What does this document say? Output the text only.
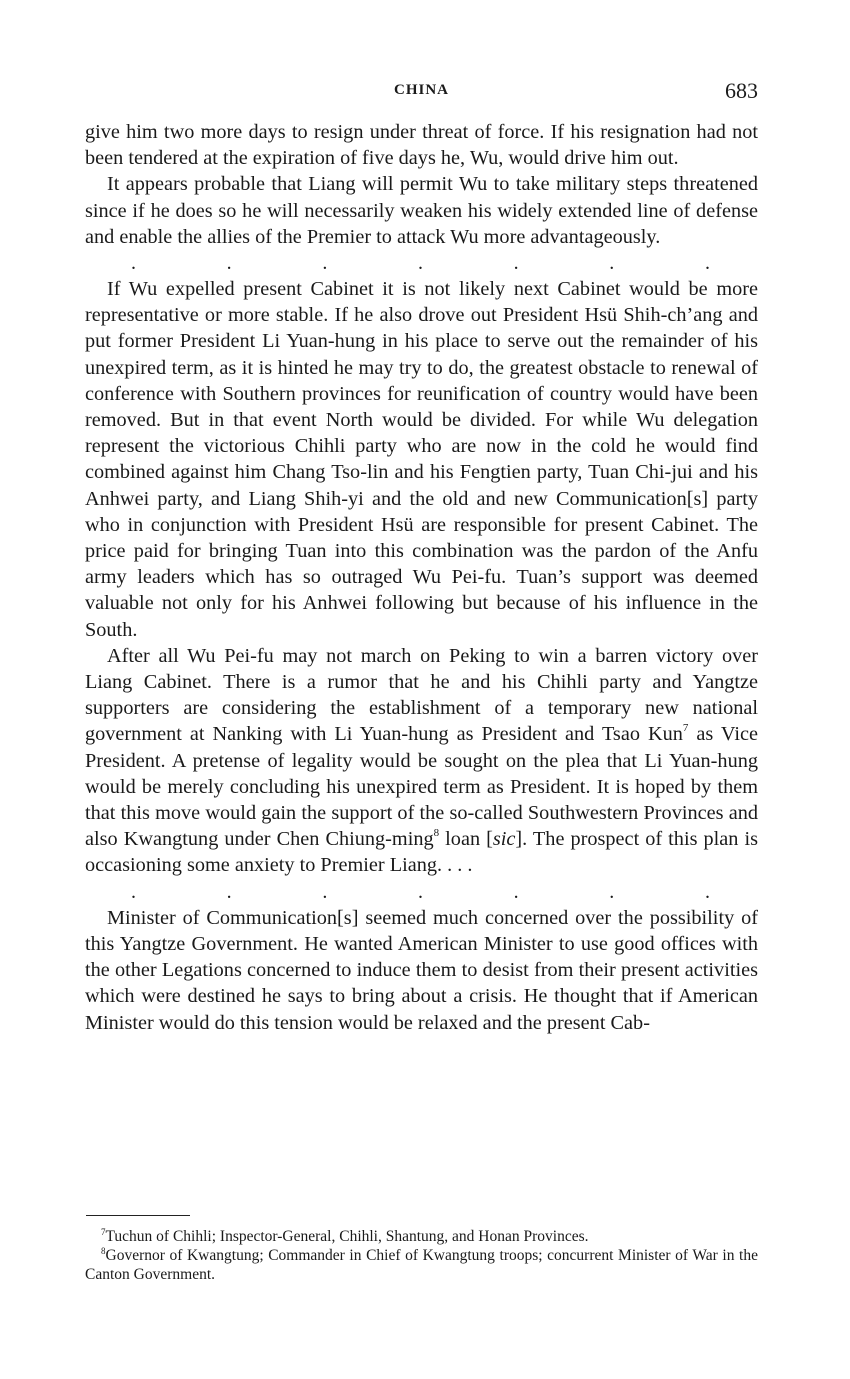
CHINA	683

give him two more days to resign under threat of force. If his resignation had not been tendered at the expiration of five days he, Wu, would drive him out.

It appears probable that Liang will permit Wu to take military steps threatened since if he does so he will necessarily weaken his widely extended line of defense and enable the allies of the Premier to attack Wu more advantageously.

.	.	.	.	.	.	.

If Wu expelled present Cabinet it is not likely next Cabinet would be more representative or more stable. If he also drove out President Hsü Shih-ch’ang and put former President Li Yuan-hung in his place to serve out the remainder of his unexpired term, as it is hinted he may try to do, the greatest obstacle to renewal of conference with Southern provinces for reunification of country would have been removed. But in that event North would be divided. For while Wu delegation represent the victorious Chihli party who are now in the cold he would find combined against him Chang Tso-lin and his Fengtien party, Tuan Chi-jui and his Anhwei party, and Liang Shih-yi and the old and new Communication[s] party who in conjunction with President Hsü are responsible for present Cabinet. The price paid for bringing Tuan into this combination was the pardon of the Anfu army leaders which has so outraged Wu Pei-fu. Tuan’s support was deemed valuable not only for his Anhwei following but because of his influence in the South.

After all Wu Pei-fu may not march on Peking to win a barren victory over Liang Cabinet. There is a rumor that he and his Chihli party and Yangtze supporters are considering the establishment of a temporary new national government at Nanking with Li Yuan-hung as President and Tsao Kun$^7$ as Vice President. A pretense of legality would be sought on the plea that Li Yuan-hung would be merely concluding his unexpired term as President. It is hoped by them that this move would gain the support of the so-called Southwestern Provinces and also Kwangtung under Chen Chiung-ming$^8$ loan [sic]. The prospect of this plan is occasioning some anxiety to Premier Liang. . . .

.	.	.	.	.	.	.

Minister of Communication[s] seemed much concerned over the possibility of this Yangtze Government. He wanted American Minister to use good offices with the other Legations concerned to induce them to desist from their present activities which were destined he says to bring about a crisis. He thought that if American Minister would do this tension would be relaxed and the present Cab-

$^7$Tuchun of Chihli; Inspector-General, Chihli, Shantung, and Honan Provinces.

$^8$Governor of Kwangtung; Commander in Chief of Kwangtung troops; concurrent Minister of War in the Canton Government.
